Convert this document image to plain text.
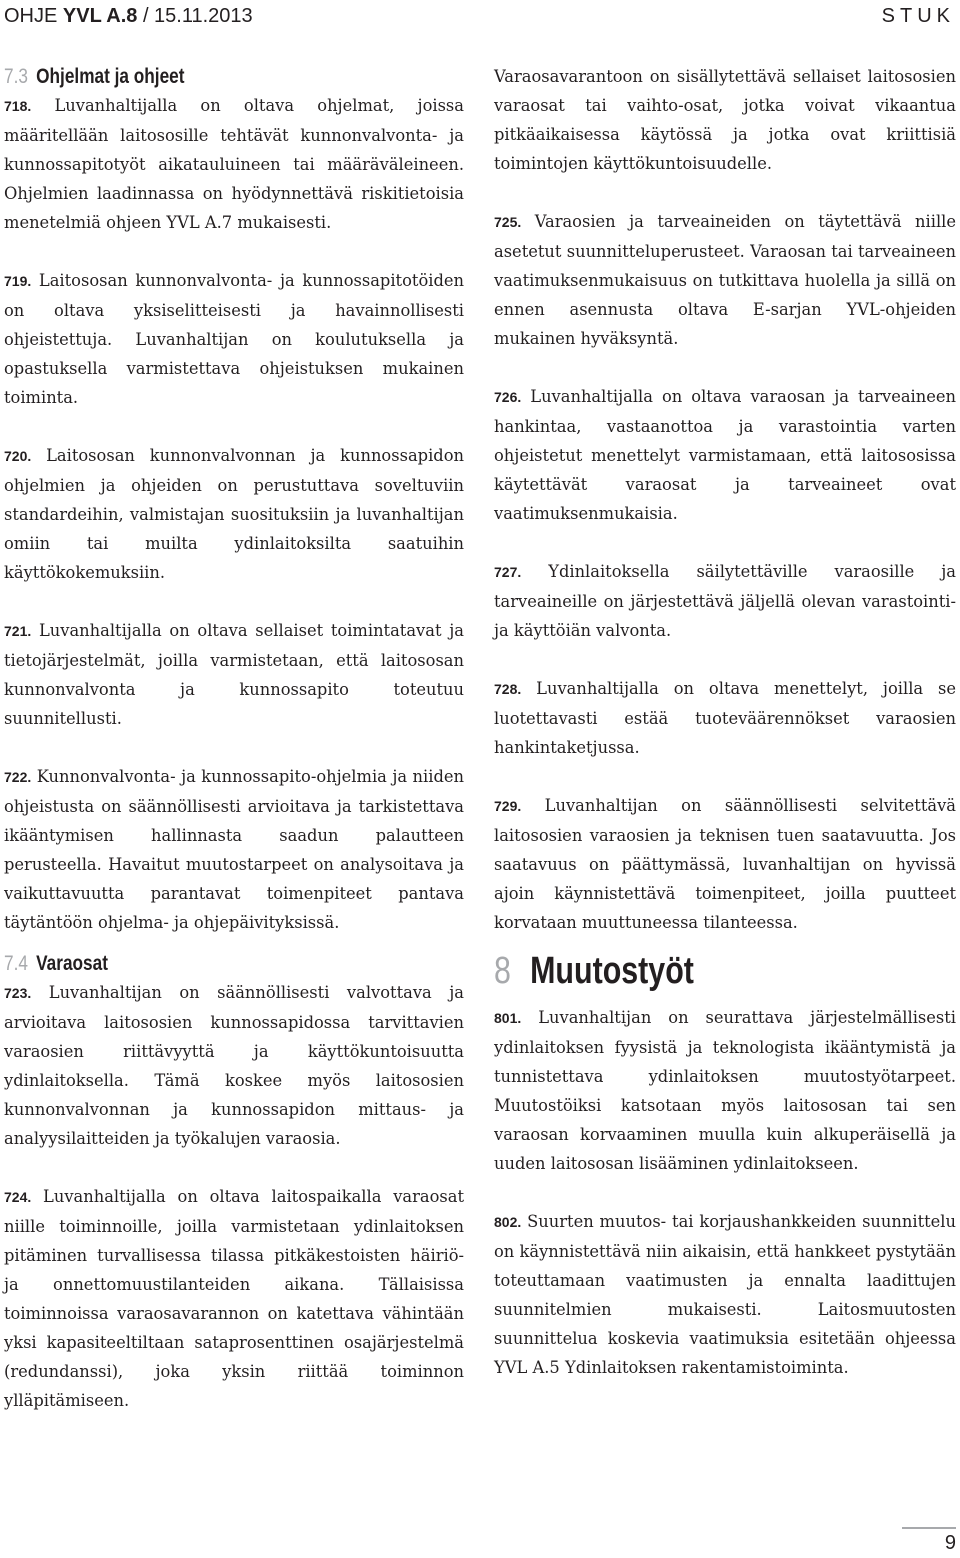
OHJE YVL A.8 / 15.11.2013	STUK
7.3 Ohjelmat ja ohjeet

718. Luvanhaltijalla on oltava ohjelmat, joissa määritellään laitososille tehtävät kunnonvalvonta- ja kunnossapitotyöt aikatauluineen tai määräväleineen. Ohjelmien laadinnassa on hyödynnettävä riskitietoisia menetelmiä ohjeen YVL A.7 mukaisesti.

719. Laitososan kunnonvalvonta- ja kunnossapitotöiden on oltava yksiselitteisesti ja havainnollisesti ohjeistettuja. Luvanhaltijan on koulutuksella ja opastuksella varmistettava ohjeistuksen mukainen toiminta.

720. Laitososan kunnonvalvonnan ja kunnossapidon ohjelmien ja ohjeiden on perustuttava soveltuviin standardeihin, valmistajan suosituksiin ja luvanhaltijan omiin tai muilta ydinlaitoksilta saatuihin käyttökokemuksiin.

721. Luvanhaltijalla on oltava sellaiset toimintatavat ja tietojärjestelmät, joilla varmistetaan, että laitososan kunnonvalvonta ja kunnossapito toteutuu suunnitellusti.

722. Kunnonvalvonta- ja kunnossapito-ohjelmia ja niiden ohjeistusta on säännöllisesti arvioitava ja tarkistettava ikääntymisen hallinnasta saadun palautteen perusteella. Havaitut muutostarpeet on analysoitava ja vaikuttavuutta parantavat toimenpiteet pantava täytäntöön ohjelma- ja ohjepäivityksissä.

7.4 Varaosat

723. Luvanhaltijan on säännöllisesti valvottava ja arvioitava laitososien kunnossapidossa tarvittavien varaosien riittävyyttä ja käyttökuntoisuutta ydinlaitoksella. Tämä koskee myös laitososien kunnonvalvonnan ja kunnossapidon mittaus- ja analyysilaitteiden ja työkalujen varaosia.

724. Luvanhaltijalla on oltava laitospaikalla varaosat niille toiminnoille, joilla varmistetaan ydinlaitoksen pitäminen turvallisessa tilassa pitkäkestoisten häiriö- ja onnettomuustilanteiden aikana. Tällaisissa toiminnoissa varaosavarannon on katettava vähintään yksi kapasiteeltiltaan sataprosenttinen osajärjestelmä (redundanssi), joka yksin riittää toiminnon ylläpitämiseen.

Varaosavarantoon on sisällytettävä sellaiset laitososien varaosat tai vaihto-osat, jotka voivat vikaantua pitkäaikaisessa käytössä ja jotka ovat kriittisiä toimintojen käyttökuntoisuudelle.

725. Varaosien ja tarveaineiden on täytettävä niille asetetut suunnitteluperusteet. Varaosan tai tarveaineen vaatimuksenmukaisuus on tutkittava huolella ja sillä on ennen asennusta oltava E-sarjan YVL-ohjeiden mukainen hyväksyntä.

726. Luvanhaltijalla on oltava varaosan ja tarveaineen hankintaa, vastaanottoa ja varastointia varten ohjeistetut menettelyt varmistamaan, että laitososissa käytettävät varaosat ja tarveaineet ovat vaatimuksenmukaisia.

727. Ydinlaitoksella säilytettäville varaosille ja tarveaineille on järjestettävä jäljellä olevan varastointi- ja käyttöiän valvonta.

728. Luvanhaltijalla on oltava menettelyt, joilla se luotettavasti estää tuoteväärennökset varaosien hankintaketjussa.

729. Luvanhaltijan on säännöllisesti selvitettävä laitososien varaosien ja teknisen tuen saatavuutta. Jos saatavuus on päättymässä, luvanhaltijan on hyvissä ajoin käynnistettävä toimenpiteet, joilla puutteet korvataan muuttuneessa tilanteessa.

8 Muutostyöt

801. Luvanhaltijan on seurattava järjestelmällisesti ydinlaitoksen fyysistä ja teknologista ikääntymistä ja tunnistettava ydinlaitoksen muutostyötarpeet. Muutostöiksi katsotaan myös laitososan tai sen varaosan korvaaminen muulla kuin alkuperäisellä ja uuden laitososan lisääminen ydinlaitokseen.

802. Suurten muutos- tai korjaushankkeiden suunnittelu on käynnistettävä niin aikaisin, että hankkeet pystytään toteuttamaan vaatimusten ja ennalta laadittujen suunnitelmien mukaisesti. Laitosmuutosten suunnittelua koskevia vaatimuksia esitetään ohjeessa YVL A.5 Ydinlaitoksen rakentamistoiminta.

9
